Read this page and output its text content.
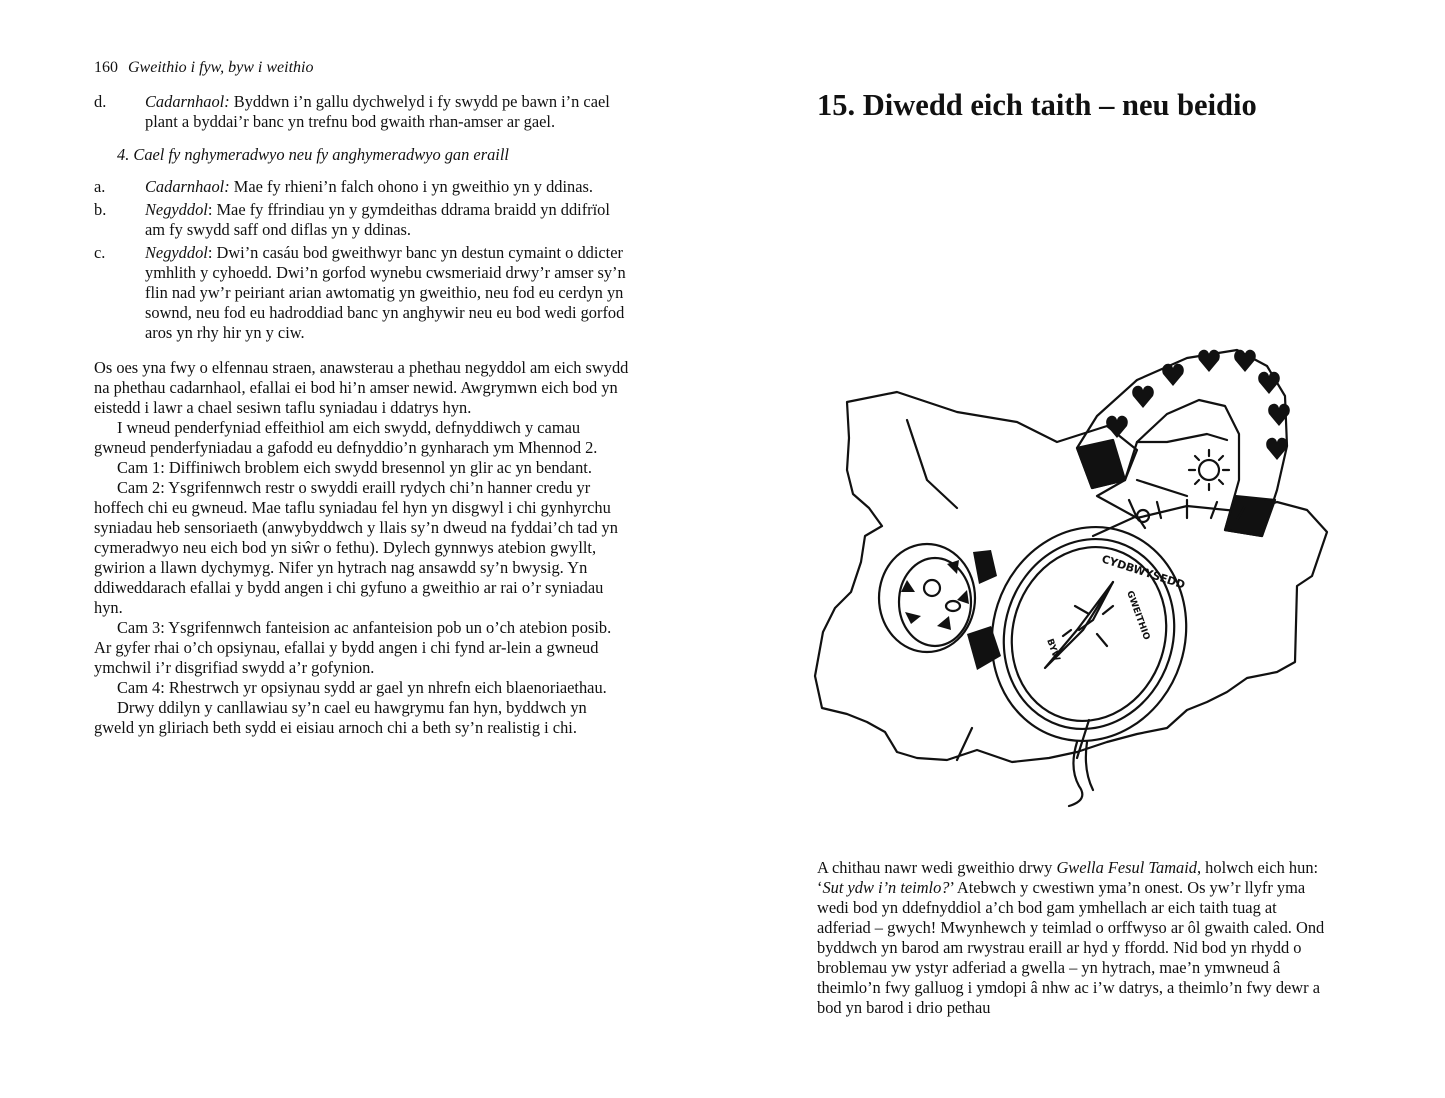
160 Gweithio i fyw, byw i weithio
d.	Cadarnhaol: Byddwn i’n gallu dychwelyd i fy swydd pe bawn i’n cael plant a byddai’r banc yn trefnu bod gwaith rhan-amser ar gael.
4. Cael fy nghymeradwyo neu fy anghymeradwyo gan eraill
a.	Cadarnhaol: Mae fy rhieni’n falch ohono i yn gweithio yn y ddinas.
b.	Negyddol: Mae fy ffrindiau yn y gymdeithas ddrama braidd yn ddifrïol am fy swydd saff ond diflas yn y ddinas.
c.	Negyddol: Dwi’n casáu bod gweithwyr banc yn destun cymaint o ddicter ymhlith y cyhoedd. Dwi’n gorfod wynebu cwsmeriaid drwy’r amser sy’n flin nad yw’r peiriant arian awtomatig yn gweithio, neu fod eu cerdyn yn sownd, neu fod eu hadroddiad banc yn anghywir neu eu bod wedi gorfod aros yn rhy hir yn y ciw.

Os oes yna fwy o elfennau straen, anawsterau a phethau negyddol am eich swydd na phethau cadarnhaol, efallai ei bod hi’n amser newid. Awgrymwn eich bod yn eistedd i lawr a chael sesiwn taflu syniadau i ddatrys hyn.

I wneud penderfyniad effeithiol am eich swydd, defnyddiwch y camau gwneud penderfyniadau a gafodd eu defnyddio’n gynharach ym Mhennod 2.

Cam 1: Diffiniwch broblem eich swydd bresennol yn glir ac yn bendant.

Cam 2: Ysgrifennwch restr o swyddi eraill rydych chi’n hanner credu yr hoffech chi eu gwneud. Mae taflu syniadau fel hyn yn disgwyl i chi gynhyrchu syniadau heb sensoriaeth (anwybyddwch y llais sy’n dweud na fyddai’ch tad yn cymeradwyo neu eich bod yn siŵr o fethu). Dylech gynnwys atebion gwyllt, gwirion a llawn dychymyg. Nifer yn hytrach nag ansawdd sy’n bwysig. Yn ddiweddarach efallai y bydd angen i chi gyfuno a gweithio ar rai o’r syniadau hyn.

Cam 3: Ysgrifennwch fanteision ac anfanteision pob un o’ch atebion posib. Ar gyfer rhai o’ch opsiynau, efallai y bydd angen i chi fynd ar-lein a gwneud ymchwil i’r disgrifiad swydd a’r gofynion.

Cam 4: Rhestrwch yr opsiynau sydd ar gael yn nhrefn eich blaenoriaethau.

Drwy ddilyn y canllawiau sy’n cael eu hawgrymu fan hyn, byddwch yn gweld yn gliriach beth sydd ei eisiau arnoch chi a beth sy’n realistig i chi.

15. Diwedd eich taith – neu beidio
CYDBWYSEDD
GWEITHIO
BYW

A chithau nawr wedi gweithio drwy Gwella Fesul Tamaid, holwch eich hun: ‘Sut ydw i’n teimlo?’ Atebwch y cwestiwn yma’n onest. Os yw’r llyfr yma wedi bod yn ddefnyddiol a’ch bod gam ymhellach ar eich taith tuag at adferiad – gwych! Mwynhewch y teimlad o orffwyso ar ôl gwaith caled. Ond byddwch yn barod am rwystrau eraill ar hyd y ffordd. Nid bod yn rhydd o broblemau yw ystyr adferiad a gwella – yn hytrach, mae’n ymwneud â theimlo’n fwy galluog i ymdopi â nhw ac i’w datrys, a theimlo’n fwy dewr a bod yn barod i drio pethau
